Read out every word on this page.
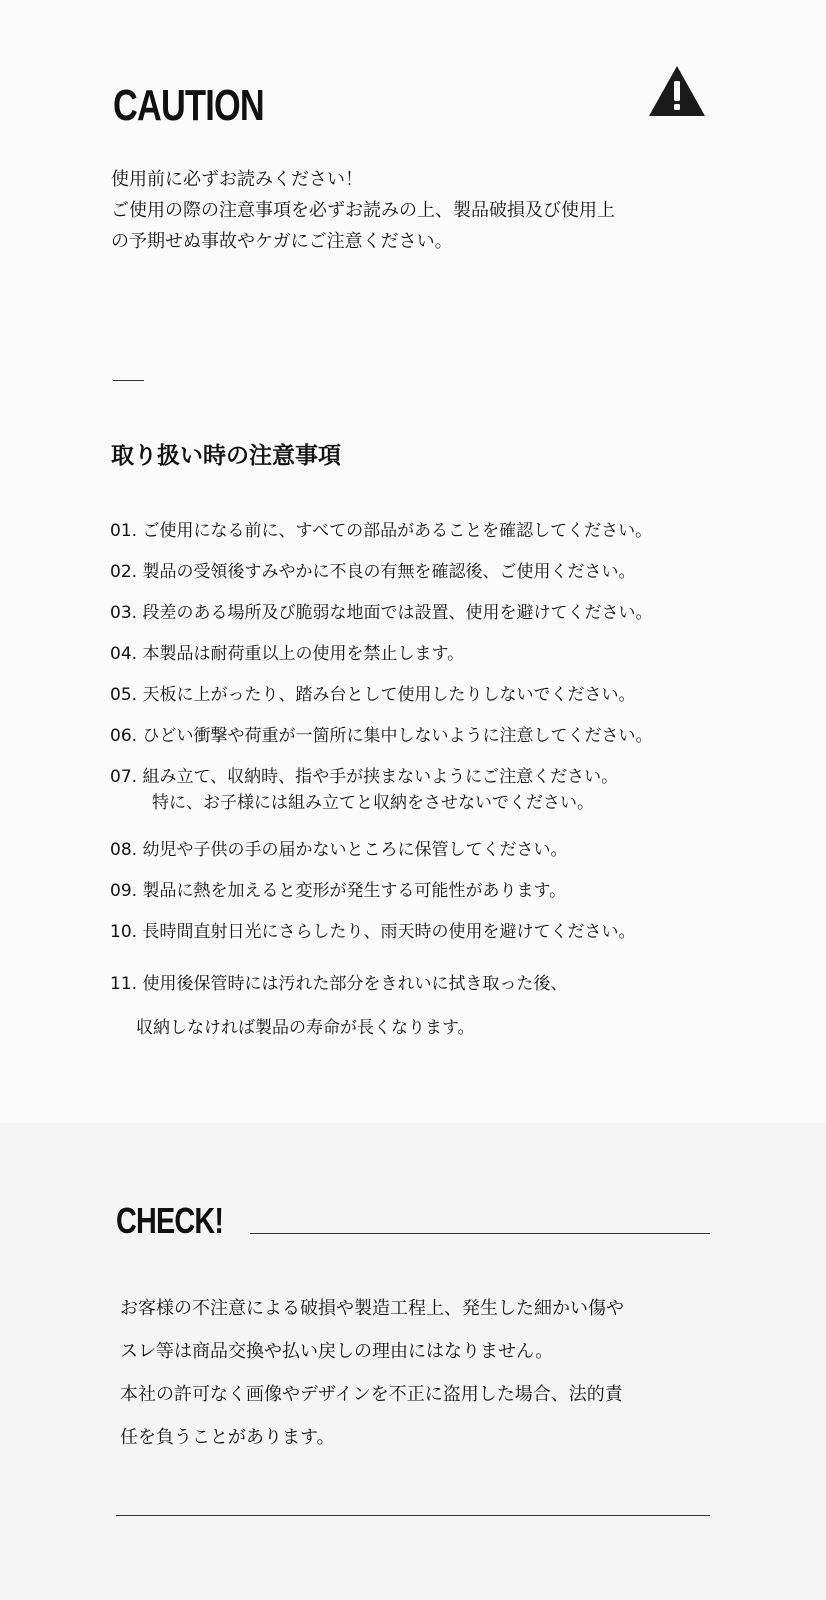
CAUTION

使用前に必ずお読みください！

ご使用の際の注意事項を必ずお読みの上、製品破損及び使用上

の予期せぬ事故やケガにご注意ください。

取り扱い時の注意事項
01. ご使用になる前に、すべての部品があることを確認してください。
02. 製品の受領後すみやかに不良の有無を確認後、ご使用ください。
03. 段差のある場所及び脆弱な地面では設置、使用を避けてください。
04. 本製品は耐荷重以上の使用を禁止します。
05. 天板に上がったり、踏み台として使用したりしないでください。
06. ひどい衝撃や荷重が一箇所に集中しないように注意してください。
07. 組み立て、収納時、指や手が挟まないようにご注意ください。
特に、お子様には組み立てと収納をさせないでください。
08. 幼児や子供の手の届かないところに保管してください。
09. 製品に熱を加えると変形が発生する可能性があります。
10. 長時間直射日光にさらしたり、雨天時の使用を避けてください。
11. 使用後保管時には汚れた部分をきれいに拭き取った後、
収納しなければ製品の寿命が長くなります。
CHECK!

お客様の不注意による破損や製造工程上、発生した細かい傷や

スレ等は商品交換や払い戻しの理由にはなりません。

本社の許可なく画像やデザインを不正に盗用した場合、法的責

任を負うことがあります。
